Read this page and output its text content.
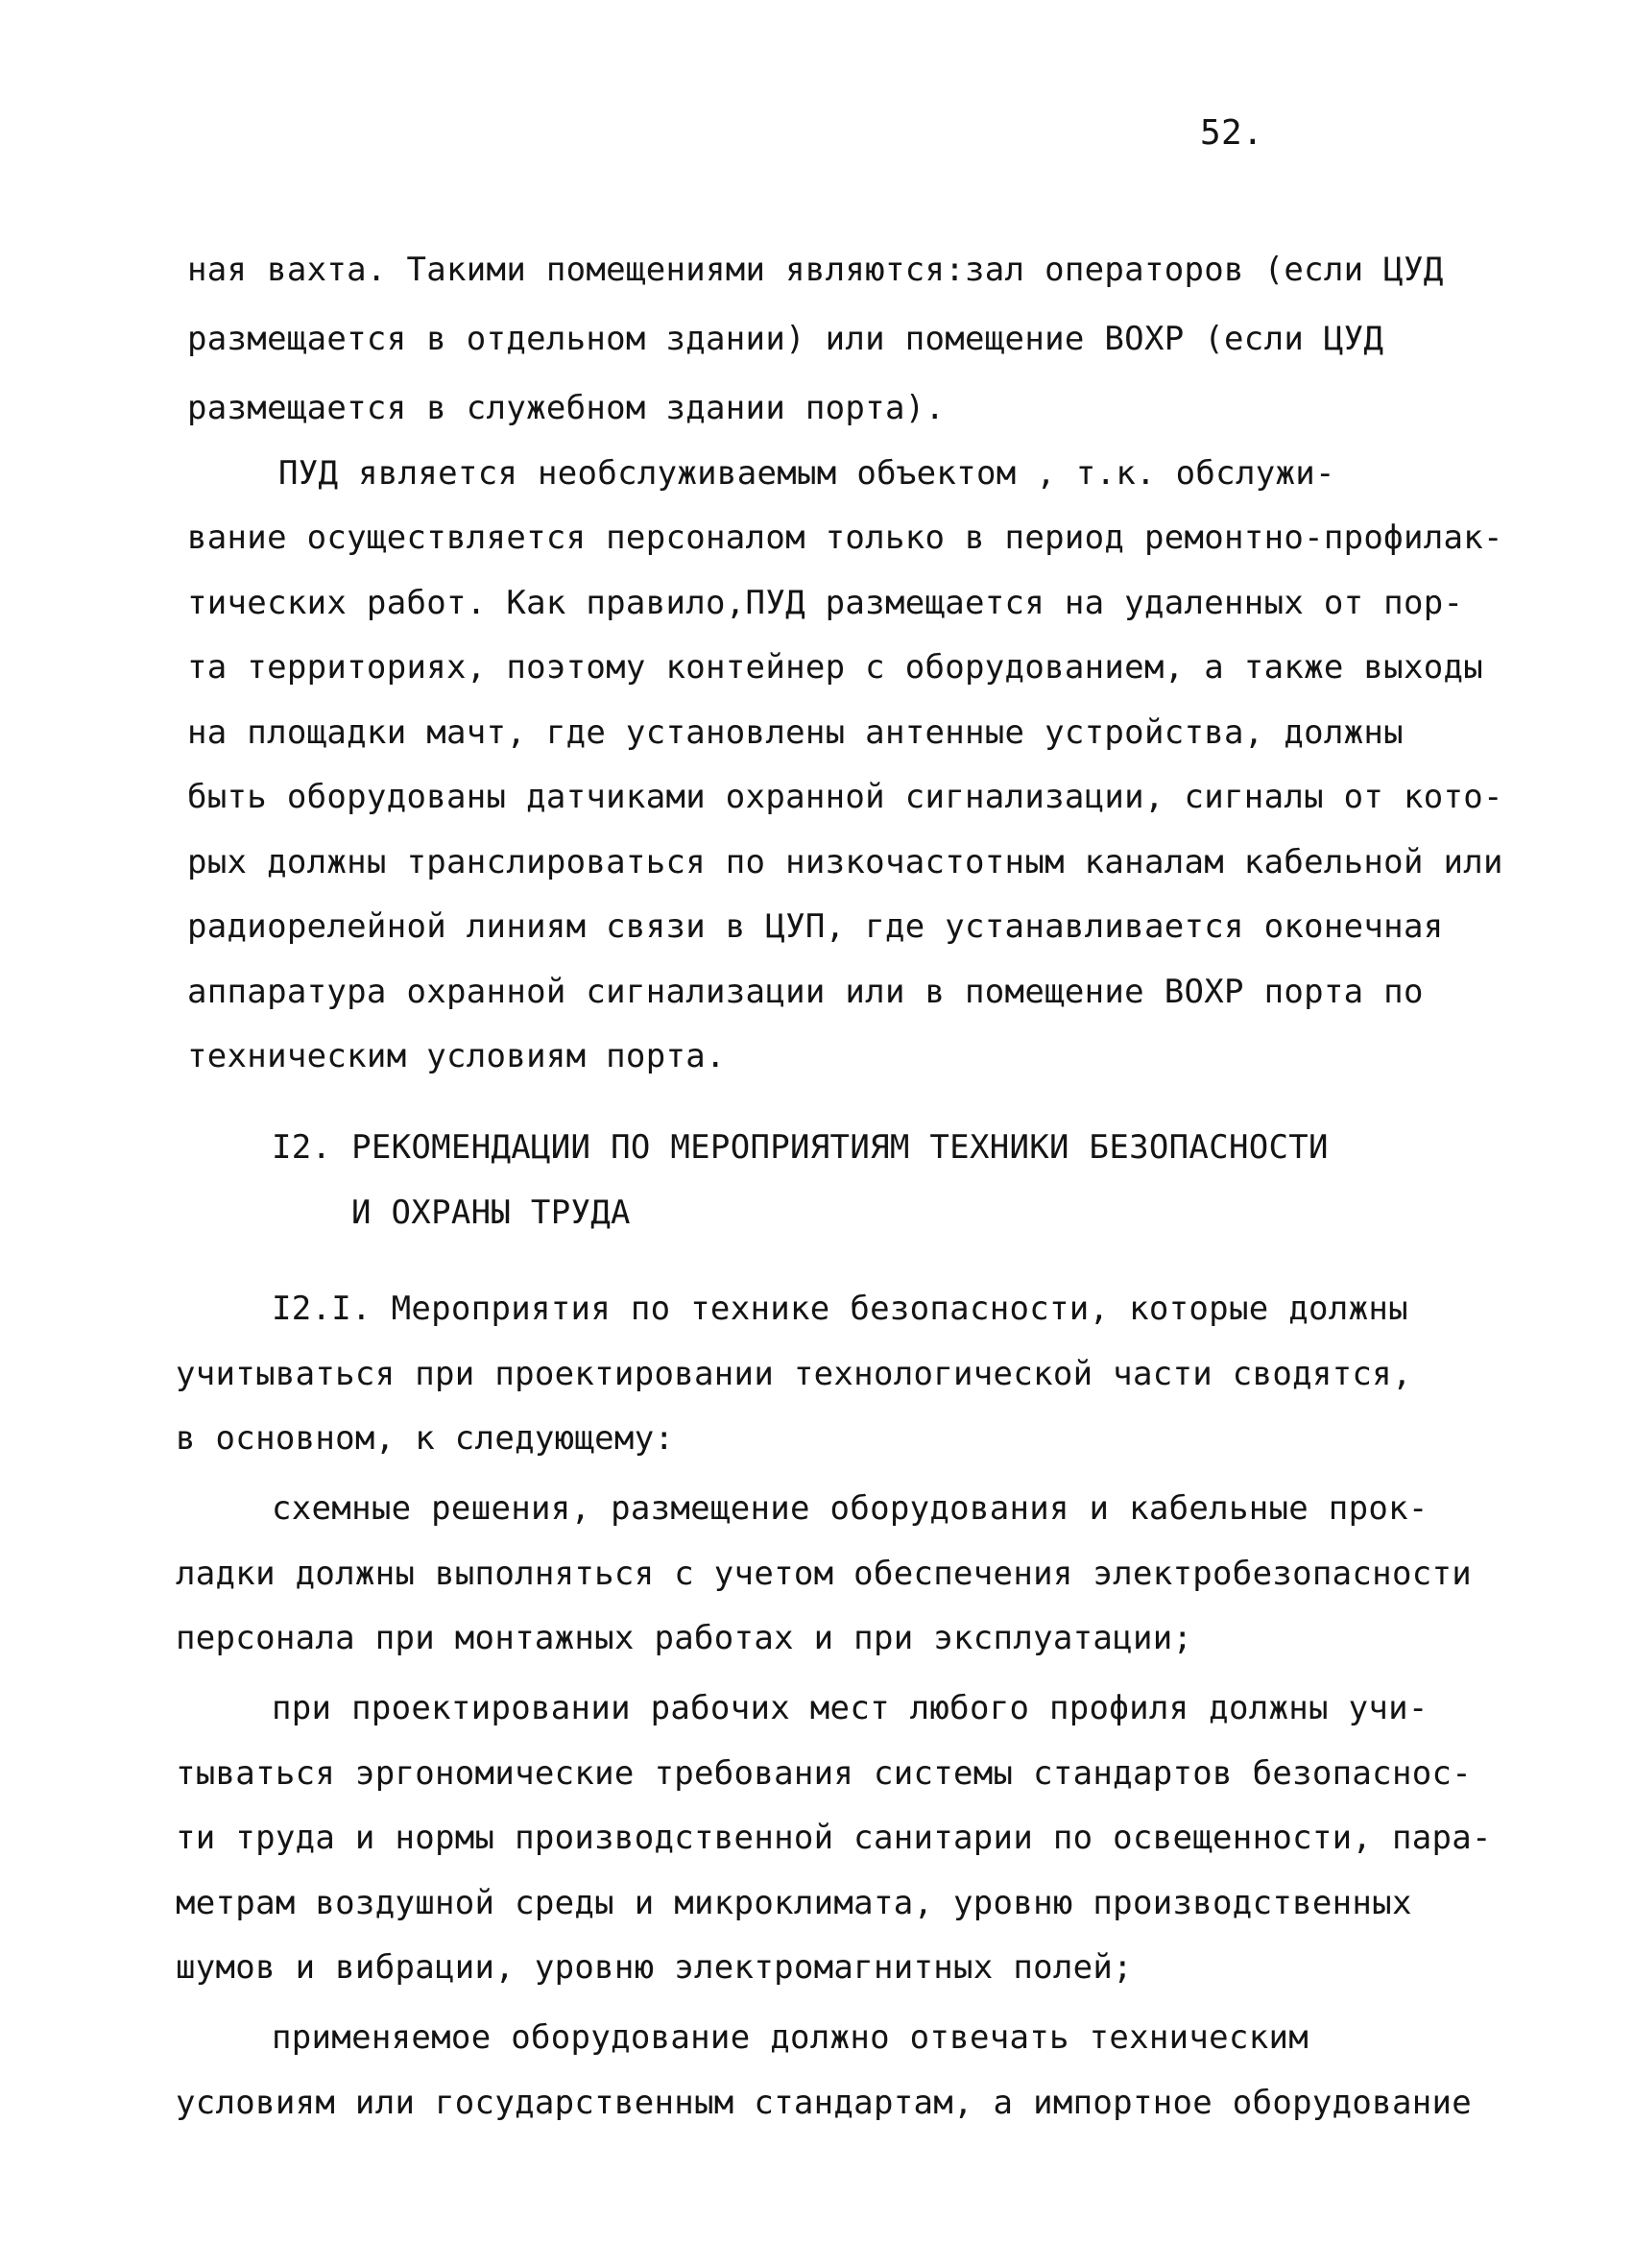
52.
ная вахта. Такими помещениями являются:зал операторов (если ЦУД
размещается в отдельном здании) или помещение ВОХР (если ЦУД
размещается в служебном здании порта).
ПУД является необслуживаемым объектом , т.к. обслужи-
вание осуществляется персоналом только в период ремонтно-профилак-
тических работ. Как правило,ПУД размещается на удаленных от пор-
та территориях, поэтому контейнер с оборудованием, а также выходы
на площадки мачт, где установлены антенные устройства, должны
быть оборудованы датчиками охранной сигнализации, сигналы от кото-
рых должны транслироваться по низкочастотным каналам кабельной или
радиорелейной линиям связи в ЦУП, где устанавливается оконечная
аппаратура охранной сигнализации или в помещение ВОХР порта по
техническим условиям порта.
I2. РЕКОМЕНДАЦИИ ПО МЕРОПРИЯТИЯМ ТЕХНИКИ БЕЗОПАСНОСТИ
И ОХРАНЫ ТРУДА
I2.I. Мероприятия по технике безопасности, которые должны
учитываться при проектировании технологической части сводятся,
в основном, к следующему:
схемные решения, размещение оборудования и кабельные прок-
ладки должны выполняться с учетом обеспечения электробезопасности
персонала при монтажных работах и при эксплуатации;
при проектировании рабочих мест любого профиля должны учи-
тываться эргономические требования системы стандартов безопаснос-
ти труда и нормы производственной санитарии по освещенности, пара-
метрам воздушной среды и микроклимата, уровню производственных
шумов и вибрации, уровню электромагнитных полей;
применяемое оборудование должно отвечать техническим
условиям или государственным стандартам, а импортное оборудование
